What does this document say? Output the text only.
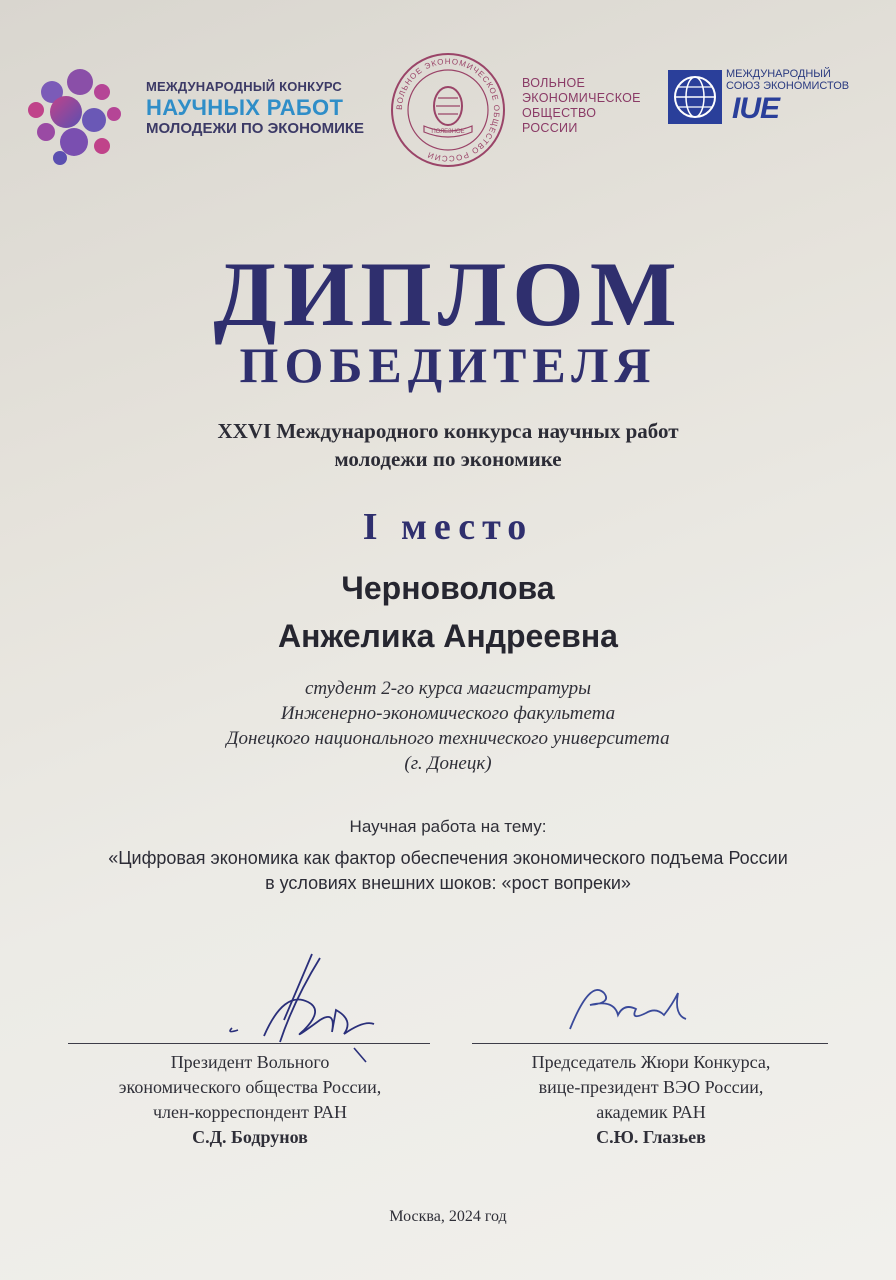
МЕЖДУНАРОДНЫЙ КОНКУРС
НАУЧНЫХ РАБОТ
МОЛОДЕЖИ ПО ЭКОНОМИКЕ	ПОЛЕЗНОЕ
ВОЛЬНОЕ ЭКОНОМИЧЕСКОЕ ОБЩЕСТВО РОССИИ
ВОЛЬНОЕ
ЭКОНОМИЧЕСКОЕ
ОБЩЕСТВО
РОССИИ
МЕЖДУНАРОДНЫЙ
СОЮЗ ЭКОНОМИСТОВ
IUE
ДИПЛОМ
ПОБЕДИТЕЛЯ
XXVI Международного конкурса научных работ
молодежи по экономике
I место
Черноволова
Анжелика Андреевна
студент 2-го курса магистратуры
Инженерно-экономического факультета
Донецкого национального технического университета
(г. Донецк)
Научная работа на тему:
«Цифровая экономика как фактор обеспечения экономического подъема России
в условиях внешних шоков: «рост вопреки»
Президент Вольного
экономического общества России,
член-корреспондент РАН
С.Д. Бодрунов
Председатель Жюри Конкурса,
вице-президент ВЭО России,
академик РАН
С.Ю. Глазьев
Москва, 2024 год
